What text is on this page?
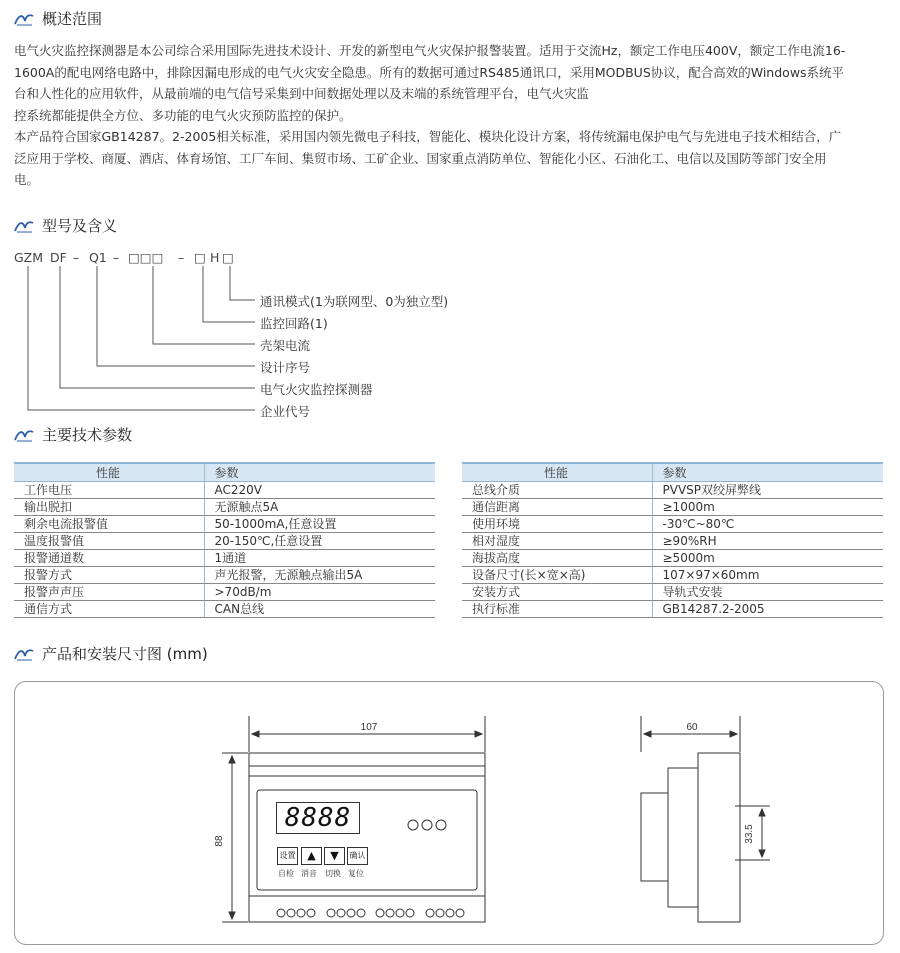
概述范围
电气火灾监控探测器是本公司综合采用国际先进技术设计、开发的新型电气火灾保护报警装置。适用于交流Hz，额定工作电压400V，额定工作电流16-
1600A的配电网络电路中，排除因漏电形成的电气火灾安全隐患。所有的数据可通过RS485通讯口，采用MODBUS协议，配合高效的Windows系统平
台和人性化的应用软件，从最前端的电气信号采集到中间数据处理以及末端的系统管理平台，电气火灾监
控系统都能提供全方位、多功能的电气火灾预防监控的保护。
本产品符合国家GB14287。2-2005相关标准，采用国内领先微电子科技，智能化、模块化设计方案，将传统漏电保护电气与先进电子技术相结合，广
泛应用于学校、商厦、酒店、体育场馆、工厂车间、集贸市场、工矿企业、国家重点消防单位、智能化小区、石油化工、电信以及国防等部门安全用
电。
型号及含义
GZM DF – Q1 – □□□ – □ H □
通讯模式(1为联网型、0为独立型)
监控回路(1)
壳架电流
设计序号
电气火灾监控探测器
企业代号
主要技术参数
性能	参数
工作电压	AC220V
输出脱扣	无源触点5A
剩余电流报警值	50-1000mA,任意设置
温度报警值	20-150℃,任意设置
报警通道数	1通道
报警方式	声光报警，无源触点输出5A
报警声声压	>70dB/m
通信方式	CAN总线
性能	参数
总线介质	PVVSP双绞屏弊线
通信距离	≥1000m
使用环境	-30℃~80℃
相对湿度	≥90%RH
海拔高度	≥5000m
设备尺寸(长×宽×高)	107×97×60mm
安装方式	导轨式安装
执行标准	GB14287.2-2005
产品和安装尺寸图 (mm)
107
88
60
33.5
8888
设置	▲	▼	确认
自检 消音 切换 复位
